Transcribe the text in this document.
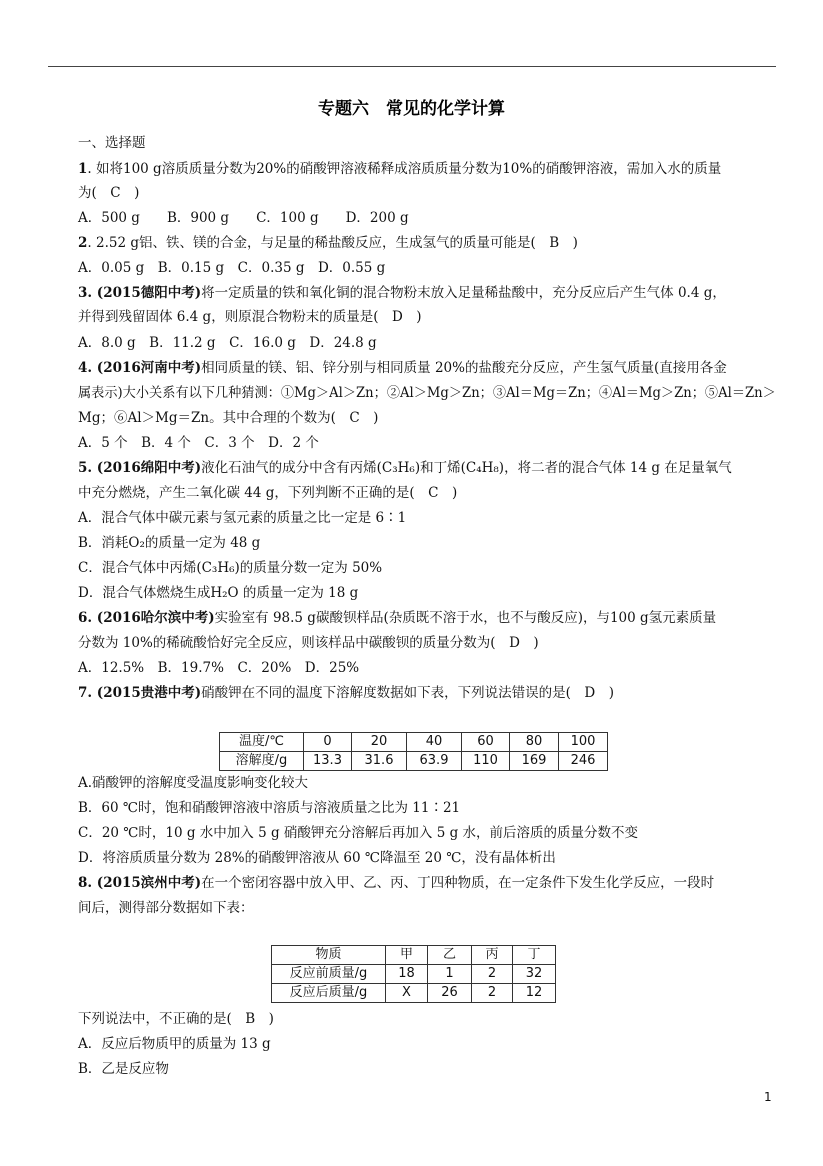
专题六　常见的化学计算
一、选择题
1. 如将100 g溶质质量分数为20%的硝酸钾溶液稀释成溶质质量分数为10%的硝酸钾溶液，需加入水的质量
为(　C　)
A．500 g　　B．900 g　　C．100 g　　D．200 g
2. 2.52 g铝、铁、镁的合金，与足量的稀盐酸反应，生成氢气的质量可能是(　B　)
A．0.05 g　B．0.15 g　C．0.35 g　D．0.55 g
3. (2015德阳中考)将一定质量的铁和氧化铜的混合物粉末放入足量稀盐酸中，充分反应后产生气体 0.4 g，
并得到残留固体 6.4 g，则原混合物粉末的质量是(　D　)
A．8.0 g　B．11.2 g　C．16.0 g　D．24.8 g
4. (2016河南中考)相同质量的镁、铝、锌分别与相同质量 20%的盐酸充分反应，产生氢气质量(直接用各金
属表示)大小关系有以下几种猜测：①Mg＞Al＞Zn；②Al＞Mg＞Zn；③Al＝Mg＝Zn；④Al＝Mg＞Zn；⑤Al＝Zn＞
Mg；⑥Al＞Mg＝Zn。其中合理的个数为(　C　)
A．5 个　B．4 个　C．3 个　D．2 个
5. (2016绵阳中考)液化石油气的成分中含有丙烯(C₃H₆)和丁烯(C₄H₈)，将二者的混合气体 14 g 在足量氧气
中充分燃烧，产生二氧化碳 44 g，下列判断不正确的是(　C　)
A．混合气体中碳元素与氢元素的质量之比一定是 6∶1
B．消耗O₂的质量一定为 48 g
C．混合气体中丙烯(C₃H₆)的质量分数一定为 50%
D．混合气体燃烧生成H₂O 的质量一定为 18 g
6. (2016哈尔滨中考)实验室有 98.5 g碳酸钡样品(杂质既不溶于水，也不与酸反应)，与100 g氢元素质量
分数为 10%的稀硫酸恰好完全反应，则该样品中碳酸钡的质量分数为(　D　)
A．12.5%　B．19.7%　C．20%　D．25%
7. (2015贵港中考)硝酸钾在不同的温度下溶解度数据如下表，下列说法错误的是(　D　)
温度/℃	0	20	40	60	80	100
溶解度/g	13.3	31.6	63.9	110	169	246
A.硝酸钾的溶解度受温度影响变化较大
B．60 ℃时，饱和硝酸钾溶液中溶质与溶液质量之比为 11∶21
C．20 ℃时，10 g 水中加入 5 g 硝酸钾充分溶解后再加入 5 g 水，前后溶质的质量分数不变
D．将溶质质量分数为 28%的硝酸钾溶液从 60 ℃降温至 20 ℃，没有晶体析出
8. (2015滨州中考)在一个密闭容器中放入甲、乙、丙、丁四种物质，在一定条件下发生化学反应，一段时
间后，测得部分数据如下表：
物质	甲	乙	丙	丁
反应前质量/g	18	1	2	32
反应后质量/g	X	26	2	12
下列说法中，不正确的是(　B　)
A．反应后物质甲的质量为 13 g
B．乙是反应物
1
